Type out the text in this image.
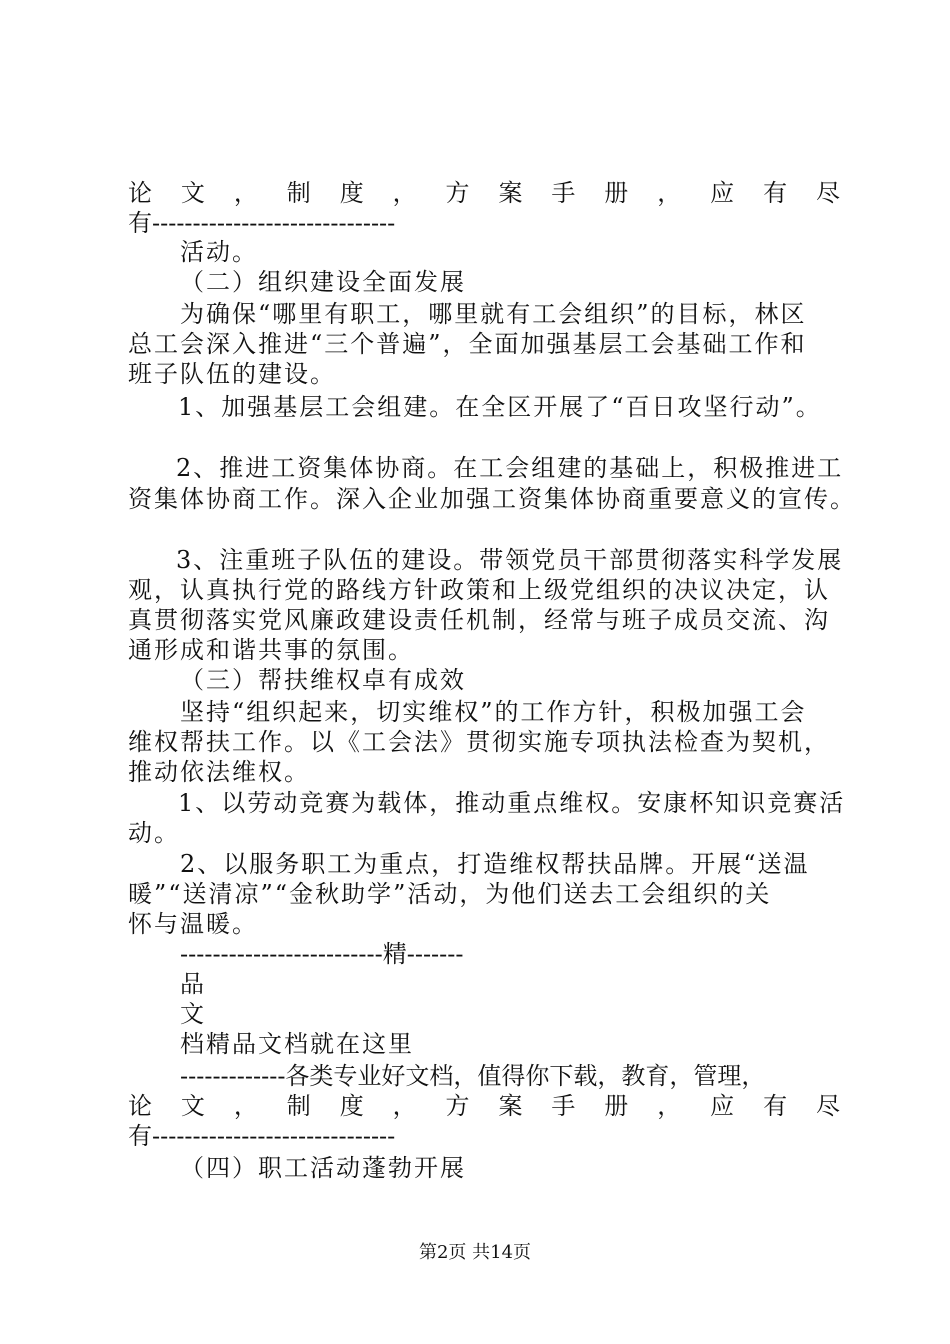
论 文 ， 制 度 ， 方 案 手 册 ， 应 有 尽
有------------------------------
活动。
（二）组织建设全面发展
为确保“哪里有职工，哪里就有工会组织”的目标，林区
总工会深入推进“三个普遍”，全面加强基层工会基础工作和
班子队伍的建设。
1、加强基层工会组建。在全区开展了“百日攻坚行动”。
2、推进工资集体协商。在工会组建的基础上，积极推进工
资集体协商工作。深入企业加强工资集体协商重要意义的宣传。
3、注重班子队伍的建设。带领党员干部贯彻落实科学发展
观，认真执行党的路线方针政策和上级党组织的决议决定，认
真贯彻落实党风廉政建设责任机制，经常与班子成员交流、沟
通形成和谐共事的氛围。
（三）帮扶维权卓有成效
坚持“组织起来，切实维权”的工作方针，积极加强工会
维权帮扶工作。以《工会法》贯彻实施专项执法检查为契机，
推动依法维权。
1、以劳动竞赛为载体，推动重点维权。安康杯知识竞赛活
动。
2、以服务职工为重点，打造维权帮扶品牌。开展“送温
暖”“送清凉”“金秋助学”活动，为他们送去工会组织的关
怀与温暖。
-------------------------精-------
品
文
档精品文档就在这里
-------------各类专业好文档，值得你下载，教育，管理，
论 文 ， 制 度 ， 方 案 手 册 ， 应 有 尽
有------------------------------
（四）职工活动蓬勃开展
第2页 共14页
